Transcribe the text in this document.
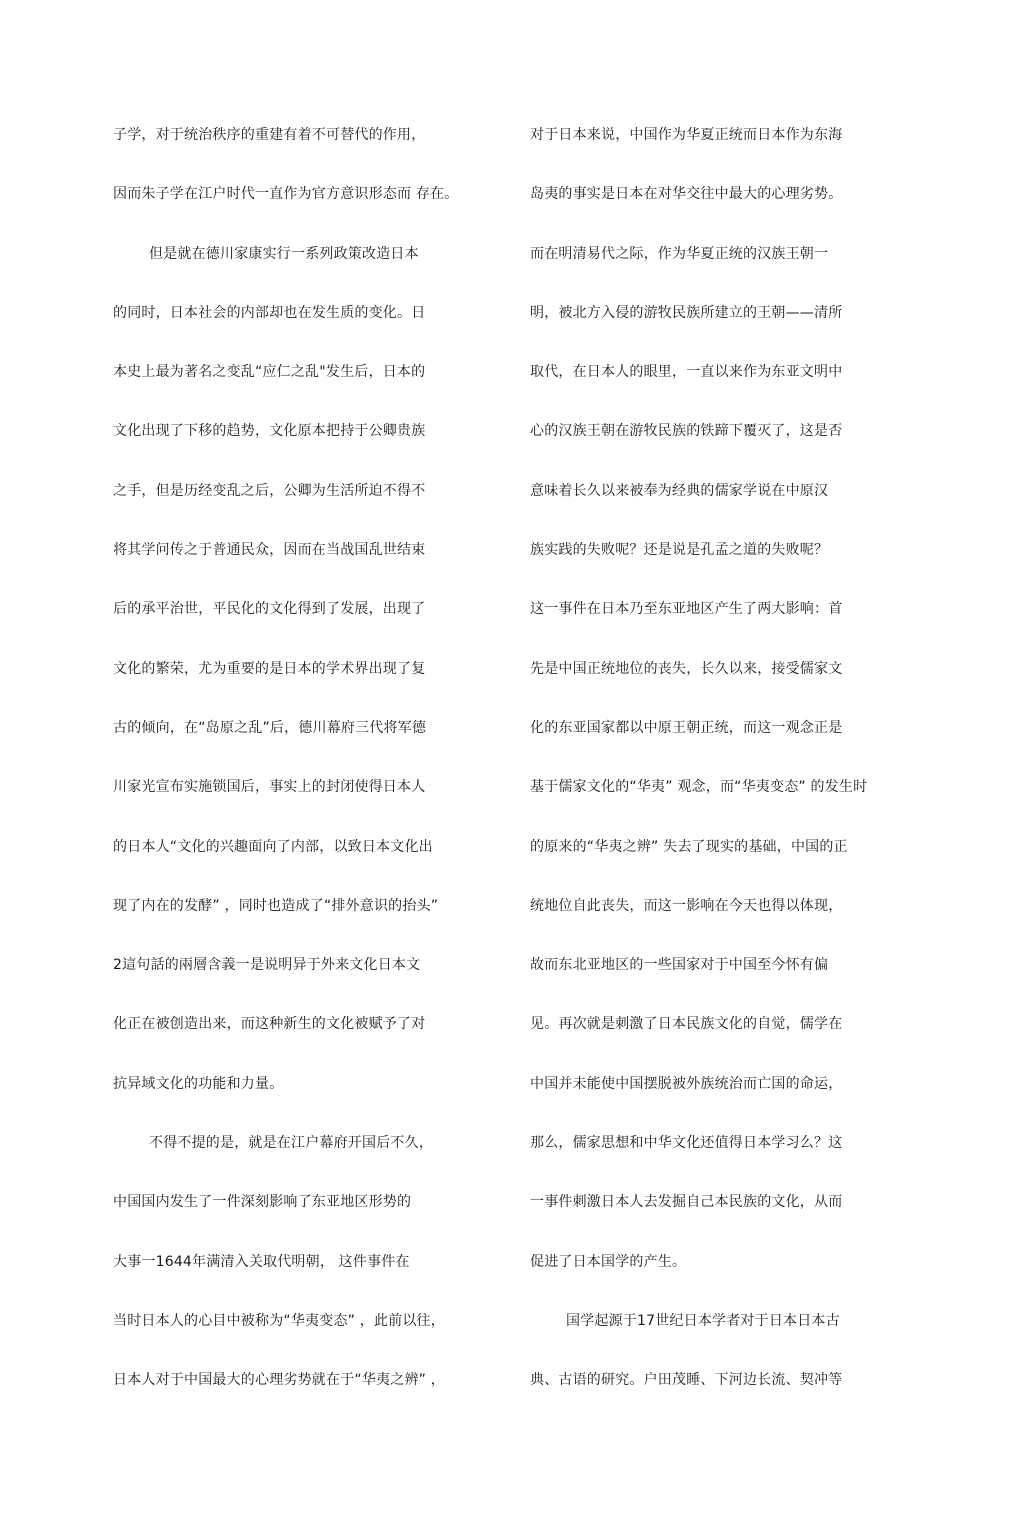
子学，对于统治秩序的重建有着不可替代的作用，
因而朱子学在江户时代一直作为官方意识形态而 存在。
但是就在德川家康实行一系列政策改造日本
的同时，日本社会的内部却也在发生质的变化。日
本史上最为著名之变乱“应仁之乱"发生后，日本的
文化出现了下移的趋势，文化原本把持于公卿贵族
之手，但是历经变乱之后，公卿为生活所迫不得不
将其学问传之于普通民众，因而在当战国乱世结束
后的承平治世，平民化的文化得到了发展，出现了
文化的繁荣，尤为重要的是日本的学术界出现了复
古的倾向，在“岛原之乱”后，德川幕府三代将军德
川家光宣布实施锁国后，事实上的封闭使得日本人
的日本人“文化的兴趣面向了内部，以致日本文化出
现了内在的发酵” ，同时也造成了“排外意识的抬头”
2這句話的兩層含義一是说明异于外来文化日本文
化正在被创造出来，而这种新生的文化被赋予了对
抗异域文化的功能和力量。
不得不提的是，就是在江户幕府开国后不久，
中国国内发生了一件深刻影响了东亚地区形势的
大事一1644年满清入关取代明朝， 这件事件在
当时日本人的心目中被称为“华夷变态” ，此前以往，
日本人对于中国最大的心理劣势就在于“华夷之辨” ，
对于日本来说，中国作为华夏正统而日本作为东海
岛夷的事实是日本在对华交往中最大的心理劣势。
而在明清易代之际，作为华夏正统的汉族王朝一
明，被北方入侵的游牧民族所建立的王朝——清所
取代，在日本人的眼里，一直以来作为东亚文明中
心的汉族王朝在游牧民族的铁蹄下覆灭了，这是否
意味着长久以来被奉为经典的儒家学说在中原汉
族实践的失败呢？还是说是孔孟之道的失败呢？
这一事件在日本乃至东亚地区产生了两大影响：首
先是中国正统地位的丧失，长久以来，接受儒家文
化的东亚国家都以中原王朝正统，而这一观念正是
基于儒家文化的“华夷” 观念，而“华夷变态” 的发生时
的原来的“华夷之辨” 失去了现实的基础，中国的正
统地位自此丧失，而这一影响在今天也得以体现，
故而东北亚地区的一些国家对于中国至今怀有偏
见。再次就是刺激了日本民族文化的自觉，儒学在
中国并未能使中国摆脱被外族统治而亡国的命运，
那么，儒家思想和中华文化还值得日本学习么？这
一事件刺激日本人去发掘自己本民族的文化，从而
促进了日本国学的产生。
国学起源于17世纪日本学者对于日本日本古
典、古语的研究。户田茂睡、下河边长流、契冲等
